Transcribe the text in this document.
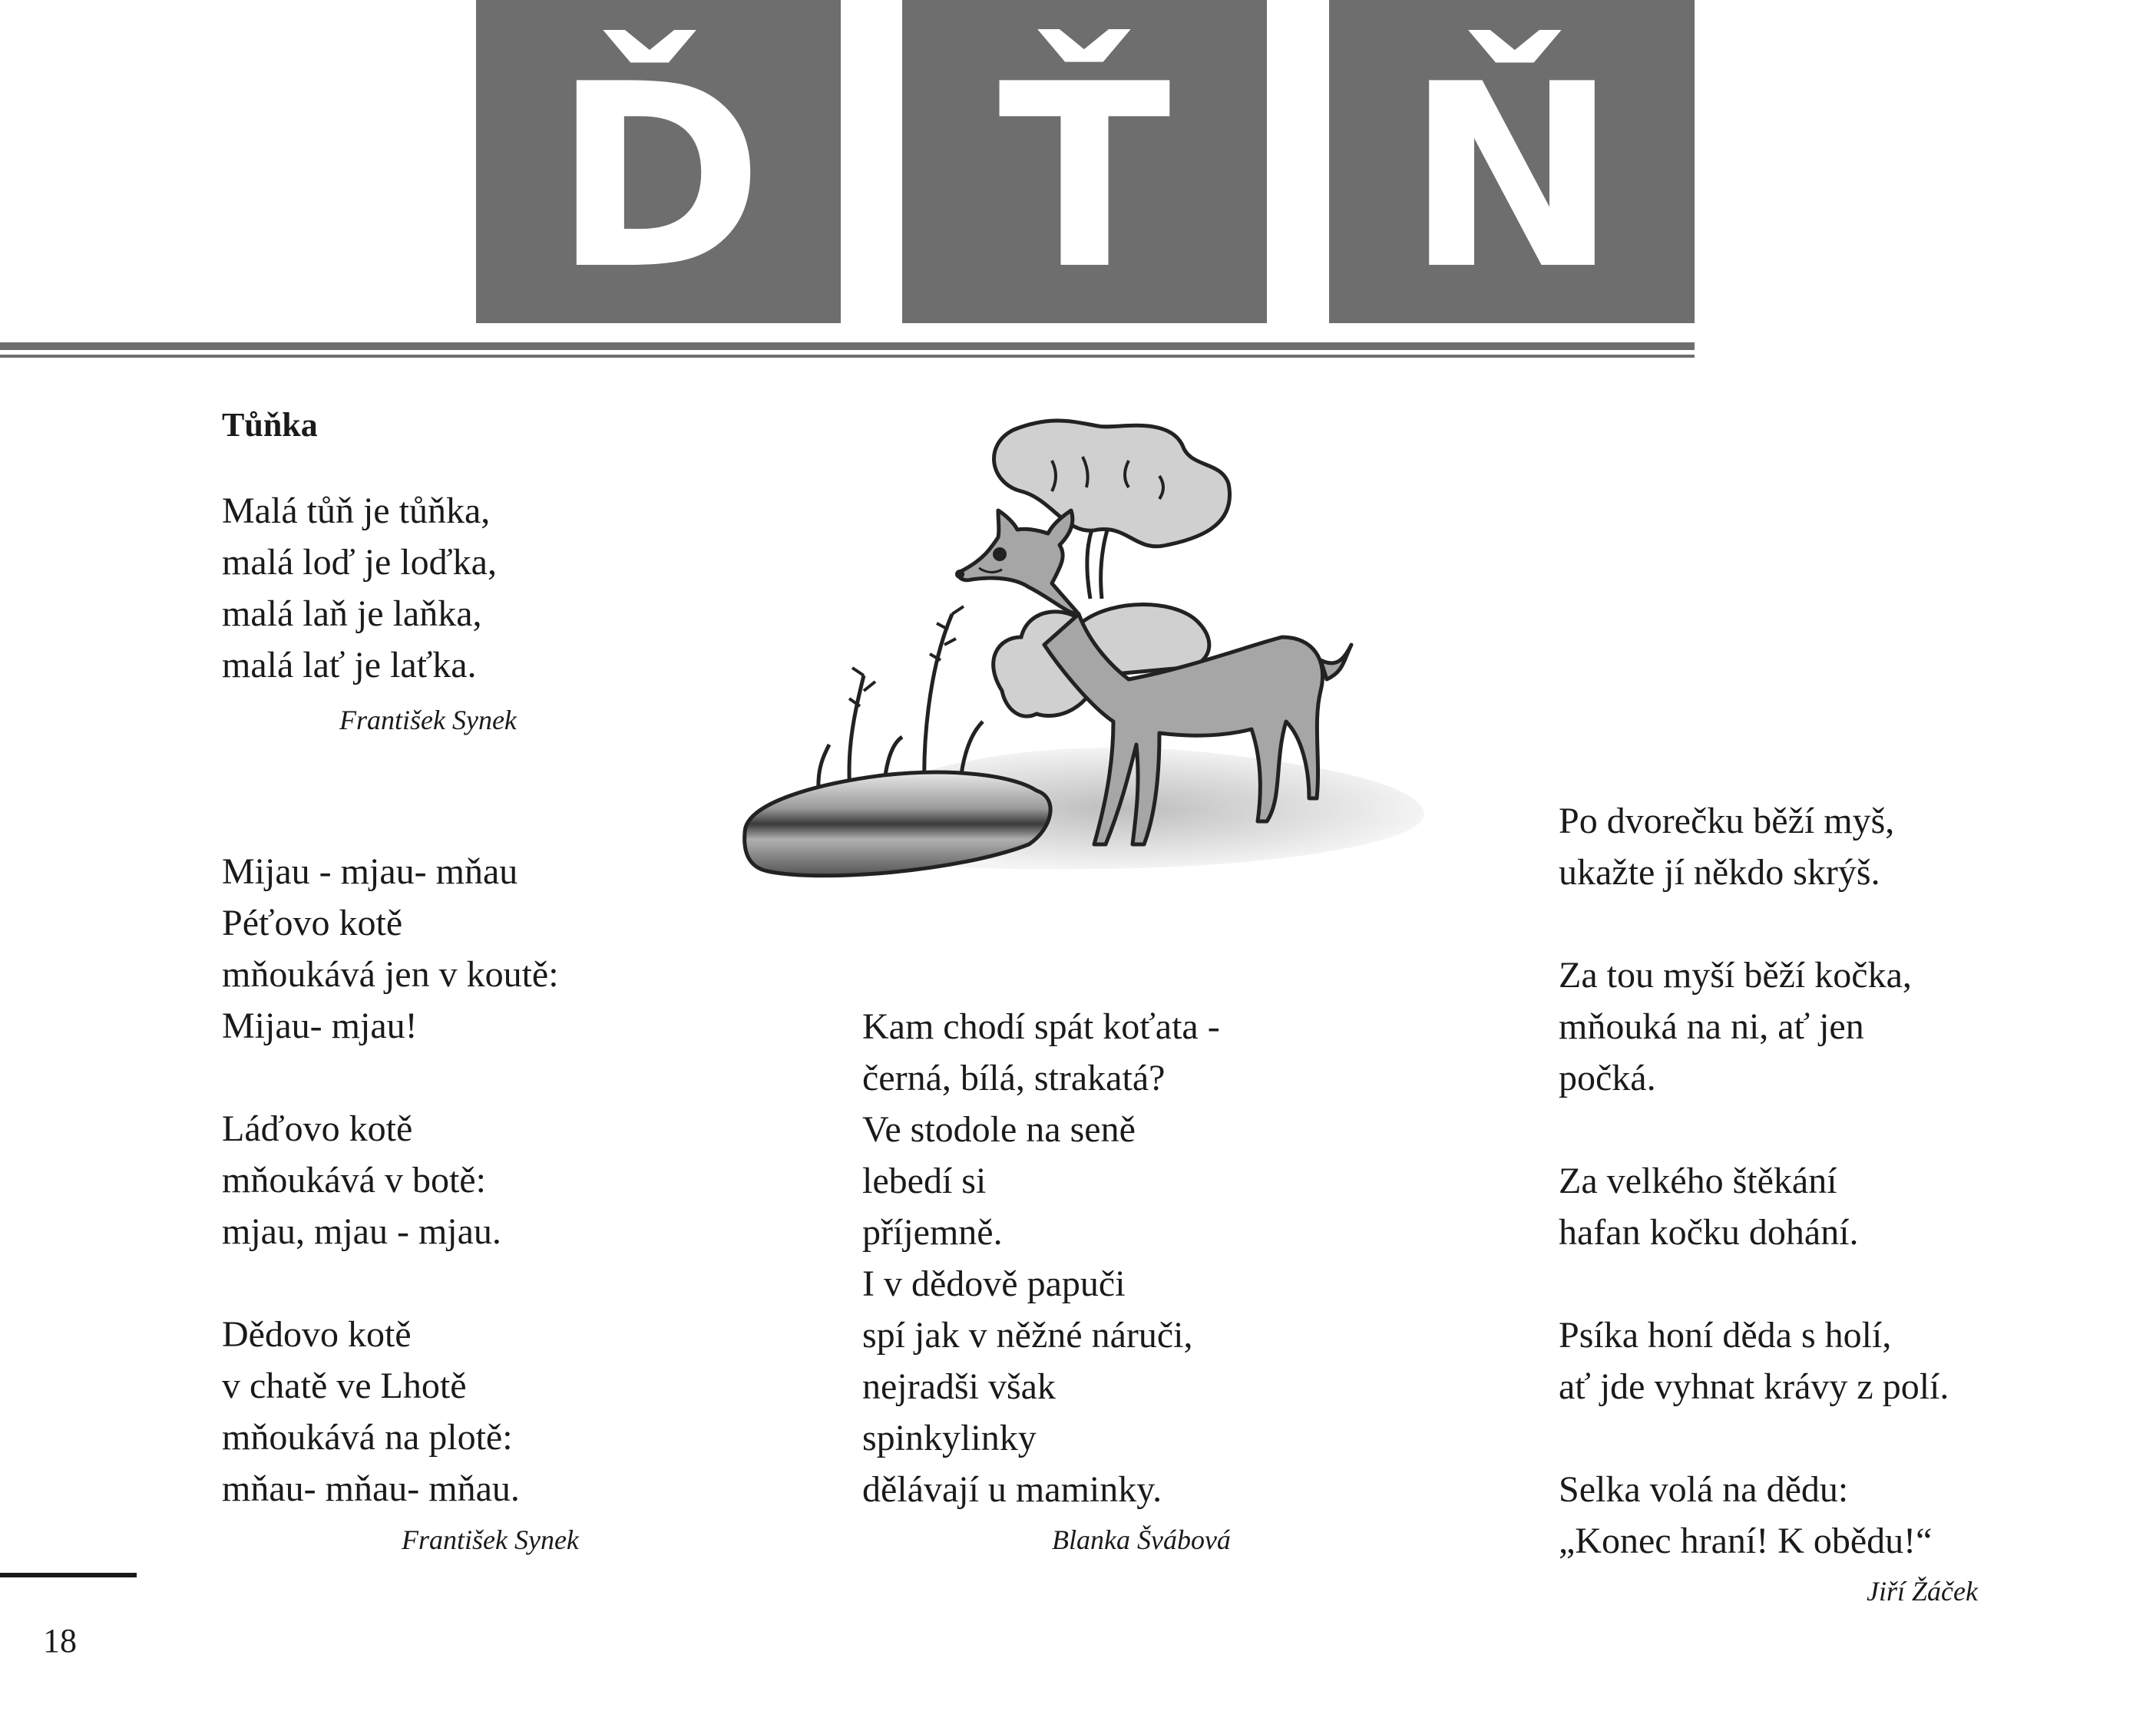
Ď Ť Ň
Tůňka
Malá tůň je tůňka,
malá loď je loďka,
malá laň je laňka,
malá lať je laťka.
František Synek
Mijau - mjau- mňau
Péťovo kotě
mňoukává jen v koutě:
Mijau- mjau!

Láďovo kotě
mňoukává v botě:
mjau, mjau - mjau.

Dědovo kotě
v chatě ve Lhotě
mňoukává na plotě:
mňau- mňau- mňau.
František Synek
Kam chodí spát koťata -
černá, bílá, strakatá?
Ve stodole na seně
lebedí si
příjemně.
I v dědově papuči
spí jak v něžné náruči,
nejradši však
spinkylinky
dělávají u maminky.
Blanka Švábová
Po dvorečku běží myš,
ukažte jí někdo skrýš.

Za tou myší běží kočka,
mňouká na ni, ať jen
počká.

Za velkého štěkání
hafan kočku dohání.

Psíka honí děda s holí,
ať jde vyhnat krávy z polí.

Selka volá na dědu:
„Konec hraní! K obědu!“
Jiří Žáček
18
